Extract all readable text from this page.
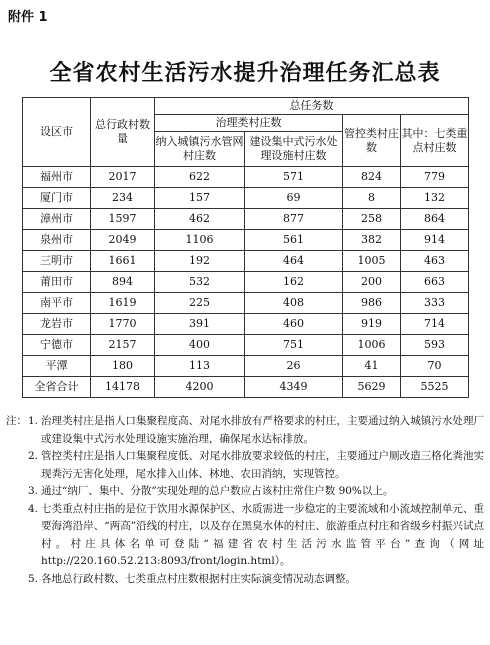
附件 1
全省农村生活污水提升治理任务汇总表
设区市	总行政村数量	总任务数			
		治理类村庄数		管控类村庄数	其中：七类重点村庄数
		纳入城镇污水管网村庄数	建设集中式污水处理设施村庄数		
福州市	2017	622	571	824	779
厦门市	234	157	69	8	132
漳州市	1597	462	877	258	864
泉州市	2049	1106	561	382	914
三明市	1661	192	464	1005	463
莆田市	894	532	162	200	663
南平市	1619	225	408	986	333
龙岩市	1770	391	460	919	714
宁德市	2157	400	751	1006	593
平潭	180	113	26	41	70
全省合计	14178	4200	4349	5629	5525
注： 1. 治理类村庄是指人口集聚程度高、对尾水排放有严格要求的村庄，主要通过纳入城镇污水处理厂或建设集中式污水处理设施实施治理，确保尾水达标排放。
2. 管控类村庄是指人口集聚程度低、对尾水排放要求较低的村庄，主要通过户厕改造三格化粪池实现粪污无害化处理，尾水排入山体、林地、农田消纳，实现管控。
3. 通过“纳厂、集中、分散”实现处理的总户数应占该村庄常住户数 90%以上。
4. 七类重点村庄指的是位于饮用水源保护区、水质需进一步稳定的主要流域和小流域控制单元、重要海湾沿岸、“两高”沿线的村庄，以及存在黑臭水体的村庄、旅游重点村庄和省级乡村振兴试点村。村庄具体名单可登陆“福建省农村生活污水监管平台”查询（网址 http://220.160.52.213:8093/front/login.html）。
5. 各地总行政村数、七类重点村庄数根据村庄实际演变情况动态调整。
